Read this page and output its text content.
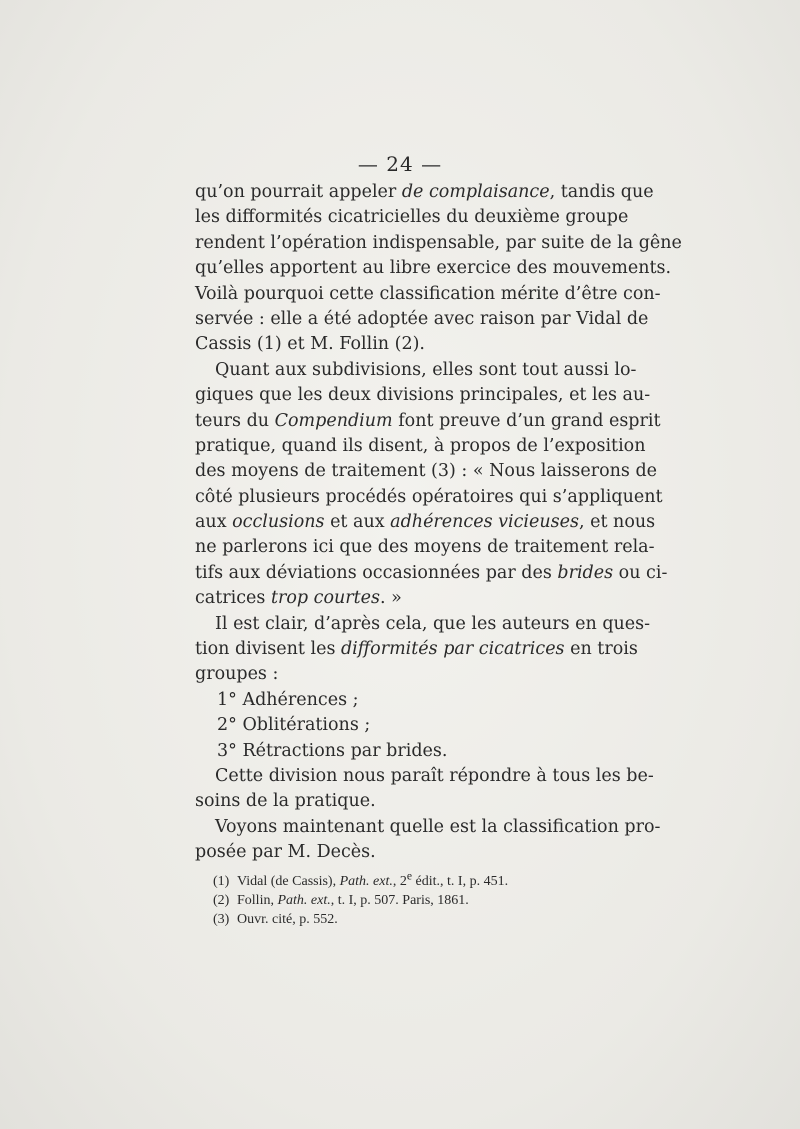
— 24 —
qu’on pourrait appeler de complaisance, tandis que
les difformités cicatricielles du deuxième groupe
rendent l’opération indispensable, par suite de la gêne
qu’elles apportent au libre exercice des mouvements.
Voilà pourquoi cette classification mérite d’être con-
servée : elle a été adoptée avec raison par Vidal de
Cassis (1) et M. Follin (2).
Quant aux subdivisions, elles sont tout aussi lo-
giques que les deux divisions principales, et les au-
teurs du Compendium font preuve d’un grand esprit
pratique, quand ils disent, à propos de l’exposition
des moyens de traitement (3) : « Nous laisserons de
côté plusieurs procédés opératoires qui s’appliquent
aux occlusions et aux adhérences vicieuses, et nous
ne parlerons ici que des moyens de traitement rela-
tifs aux déviations occasionnées par des brides ou ci-
catrices trop courtes. »
Il est clair, d’après cela, que les auteurs en ques-
tion divisent les difformités par cicatrices en trois
groupes :
1° Adhérences ;
2° Oblitérations ;
3° Rétractions par brides.
Cette division nous paraît répondre à tous les be-
soins de la pratique.
Voyons maintenant quelle est la classification pro-
posée par M. Decès.
(1) Vidal (de Cassis), Path. ext., 2e édit., t. I, p. 451.
(2) Follin, Path. ext., t. I, p. 507. Paris, 1861.
(3) Ouvr. cité, p. 552.
